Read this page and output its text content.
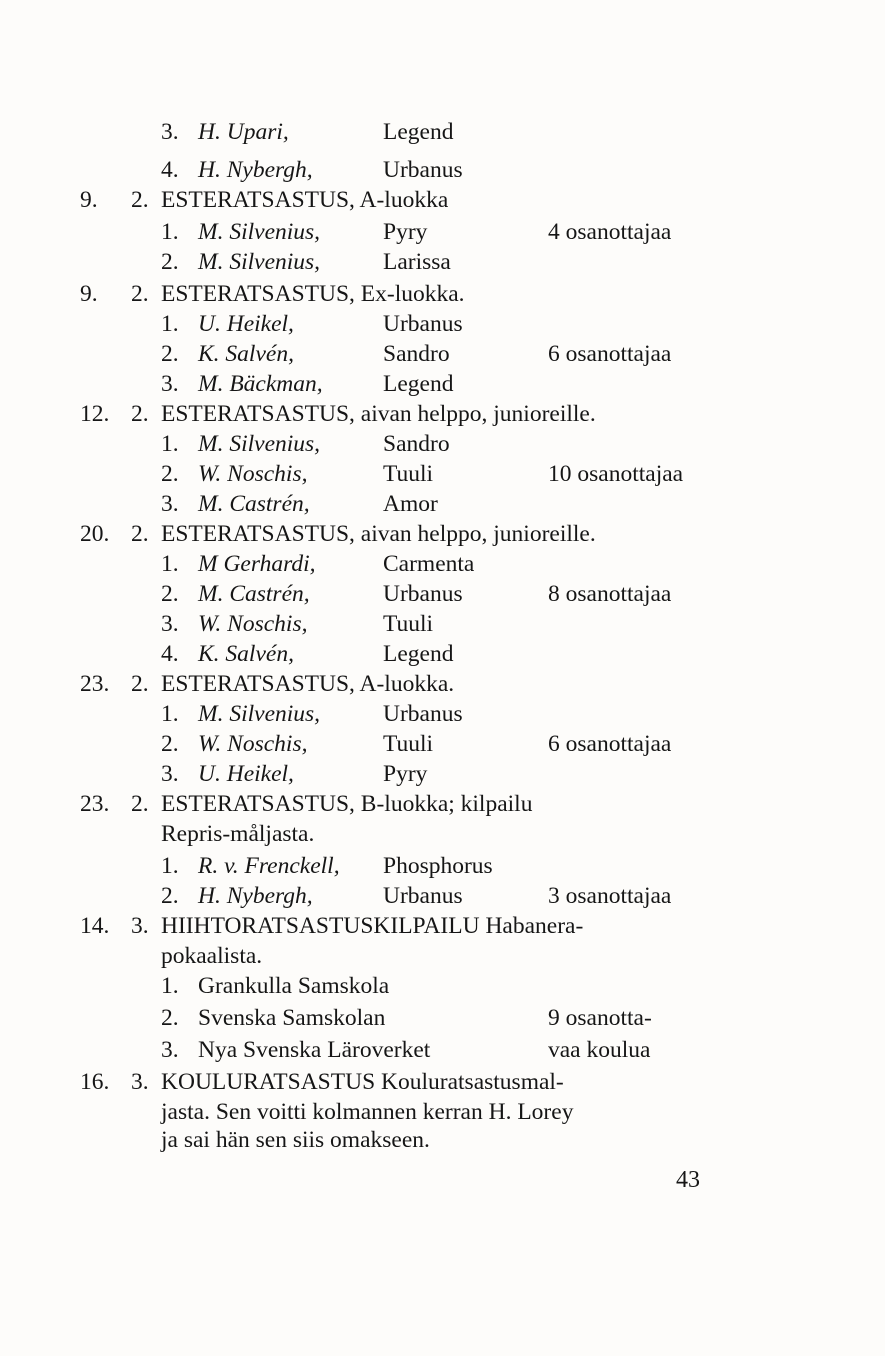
3. H. Upari,	Legend
4. H. Nybergh,	Urbanus
9. 2. ESTERATSASTUS, A-luokka
1. M. Silvenius,	Pyry	4 osanottajaa
2. M. Silvenius,	Larissa
9. 2. ESTERATSASTUS, Ex-luokka.
1. U. Heikel,	Urbanus
2. K. Salvén,	Sandro	6 osanottajaa
3. M. Bäckman,	Legend
12. 2. ESTERATSASTUS, aivan helppo, junioreille.
1. M. Silvenius,	Sandro
2. W. Noschis,	Tuuli	10 osanottajaa
3. M. Castrén,	Amor
20. 2. ESTERATSASTUS, aivan helppo, junioreille.
1. M Gerhardi,	Carmenta
2. M. Castrén,	Urbanus	8 osanottajaa
3. W. Noschis,	Tuuli
4. K. Salvén,	Legend
23. 2. ESTERATSASTUS, A-luokka.
1. M. Silvenius,	Urbanus
2. W. Noschis,	Tuuli	6 osanottajaa
3. U. Heikel,	Pyry
23. 2. ESTERATSASTUS, B-luokka; kilpailu
Repris-måljasta.
1. R. v. Frenckell, Phosphorus
2. H. Nybergh,	Urbanus	3 osanottajaa
14. 3. HIIHTORATSASTUSKILPAILU Habanera-
pokaalista.
1. Grankulla Samskola
2. Svenska Samskolan	9 osanotta-
3. Nya Svenska Läroverket	vaa koulua
16. 3. KOULURATSASTUS Kouluratsastusmal-
jasta. Sen voitti kolmannen kerran H. Lorey
ja sai hän sen siis omakseen.
43
